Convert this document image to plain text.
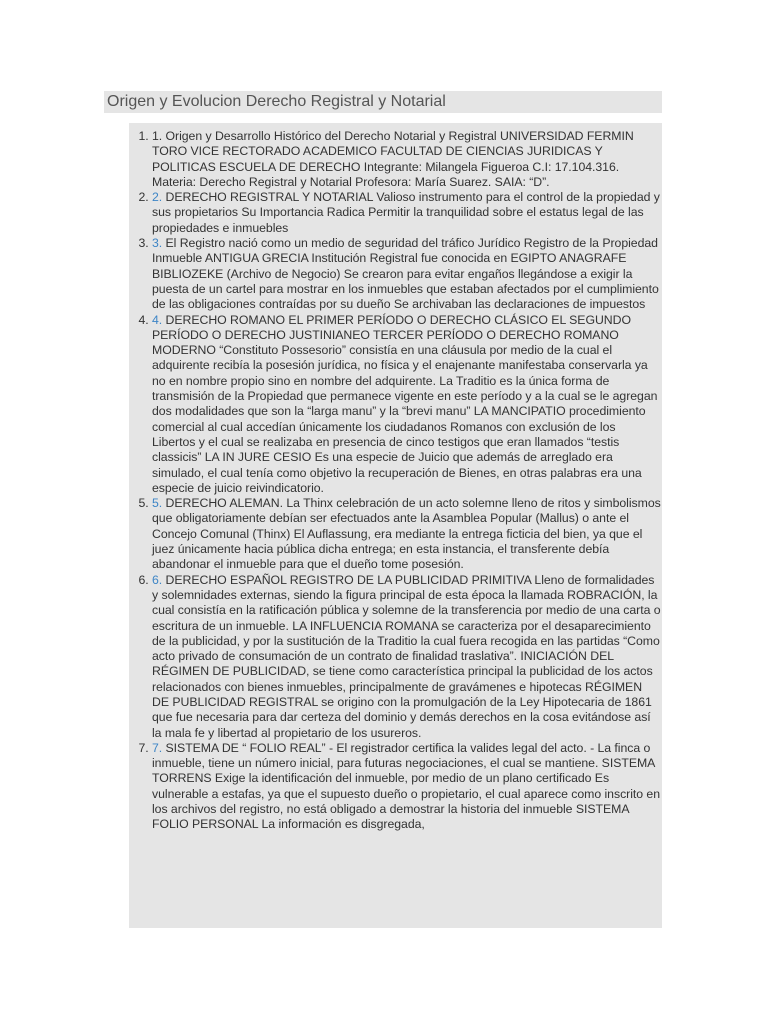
Origen y Evolucion Derecho Registral y Notarial
1. 1. Origen y Desarrollo Histórico del Derecho Notarial y Registral UNIVERSIDAD FERMIN TORO VICE RECTORADO ACADEMICO FACULTAD DE CIENCIAS JURIDICAS Y POLITICAS ESCUELA DE DERECHO Integrante: Milangela Figueroa C.I: 17.104.316. Materia: Derecho Registral y Notarial Profesora: María Suarez. SAIA: “D”.
2. 2. DERECHO REGISTRAL Y NOTARIAL Valioso instrumento para el control de la propiedad y sus propietarios Su Importancia Radica Permitir la tranquilidad sobre el estatus legal de las propiedades e inmuebles
3. 3. El Registro nació como un medio de seguridad del tráfico Jurídico Registro de la Propiedad Inmueble ANTIGUA GRECIA Institución Registral fue conocida en EGIPTO ANAGRAFE BIBLIOZEKE (Archivo de Negocio) Se crearon para evitar engaños llegándose a exigir la puesta de un cartel para mostrar en los inmuebles que estaban afectados por el cumplimiento de las obligaciones contraídas por su dueño Se archivaban las declaraciones de impuestos
4. 4. DERECHO ROMANO EL PRIMER PERÍODO O DERECHO CLÁSICO EL SEGUNDO PERÍODO O DERECHO JUSTINIANEO TERCER PERÍODO O DERECHO ROMANO MODERNO “Constituto Possesorio” consistía en una cláusula por medio de la cual el adquirente recibía la posesión jurídica, no física y el enajenante manifestaba conservarla ya no en nombre propio sino en nombre del adquirente. La Traditio es la única forma de transmisión de la Propiedad que permanece vigente en este período y a la cual se le agregan dos modalidades que son la “larga manu” y la “brevi manu” LA MANCIPATIO procedimiento comercial al cual accedían únicamente los ciudadanos Romanos con exclusión de los Libertos y el cual se realizaba en presencia de cinco testigos que eran llamados “testis classicis” LA IN JURE CESIO Es una especie de Juicio que además de arreglado era simulado, el cual tenía como objetivo la recuperación de Bienes, en otras palabras era una especie de juicio reivindicatorio.
5. 5. DERECHO ALEMAN. La Thinx celebración de un acto solemne lleno de ritos y simbolismos que obligatoriamente debían ser efectuados ante la Asamblea Popular (Mallus) o ante el Concejo Comunal (Thinx) El Auflassung, era mediante la entrega ficticia del bien, ya que el juez únicamente hacia pública dicha entrega; en esta instancia, el transferente debía abandonar el inmueble para que el dueño tome posesión.
6. 6. DERECHO ESPAÑOL REGISTRO DE LA PUBLICIDAD PRIMITIVA Lleno de formalidades y solemnidades externas, siendo la figura principal de esta época la llamada ROBRACIÓN, la cual consistía en la ratificación pública y solemne de la transferencia por medio de una carta o escritura de un inmueble. LA INFLUENCIA ROMANA se caracteriza por el desaparecimiento de la publicidad, y por la sustitución de la Traditio la cual fuera recogida en las partidas “Como acto privado de consumación de un contrato de finalidad traslativa”. INICIACIÓN DEL RÉGIMEN DE PUBLICIDAD, se tiene como característica principal la publicidad de los actos relacionados con bienes inmuebles, principalmente de gravámenes e hipotecas RÉGIMEN DE PUBLICIDAD REGISTRAL se origino con la promulgación de la Ley Hipotecaria de 1861 que fue necesaria para dar certeza del dominio y demás derechos en la cosa evitándose así la mala fe y libertad al propietario de los usureros.
7. 7. SISTEMA DE “ FOLIO REAL” - El registrador certifica la valides legal del acto. - La finca o inmueble, tiene un número inicial, para futuras negociaciones, el cual se mantiene. SISTEMA TORRENS Exige la identificación del inmueble, por medio de un plano certificado Es vulnerable a estafas, ya que el supuesto dueño o propietario, el cual aparece como inscrito en los archivos del registro, no está obligado a demostrar la historia del inmueble SISTEMA FOLIO PERSONAL La información es disgregada,
